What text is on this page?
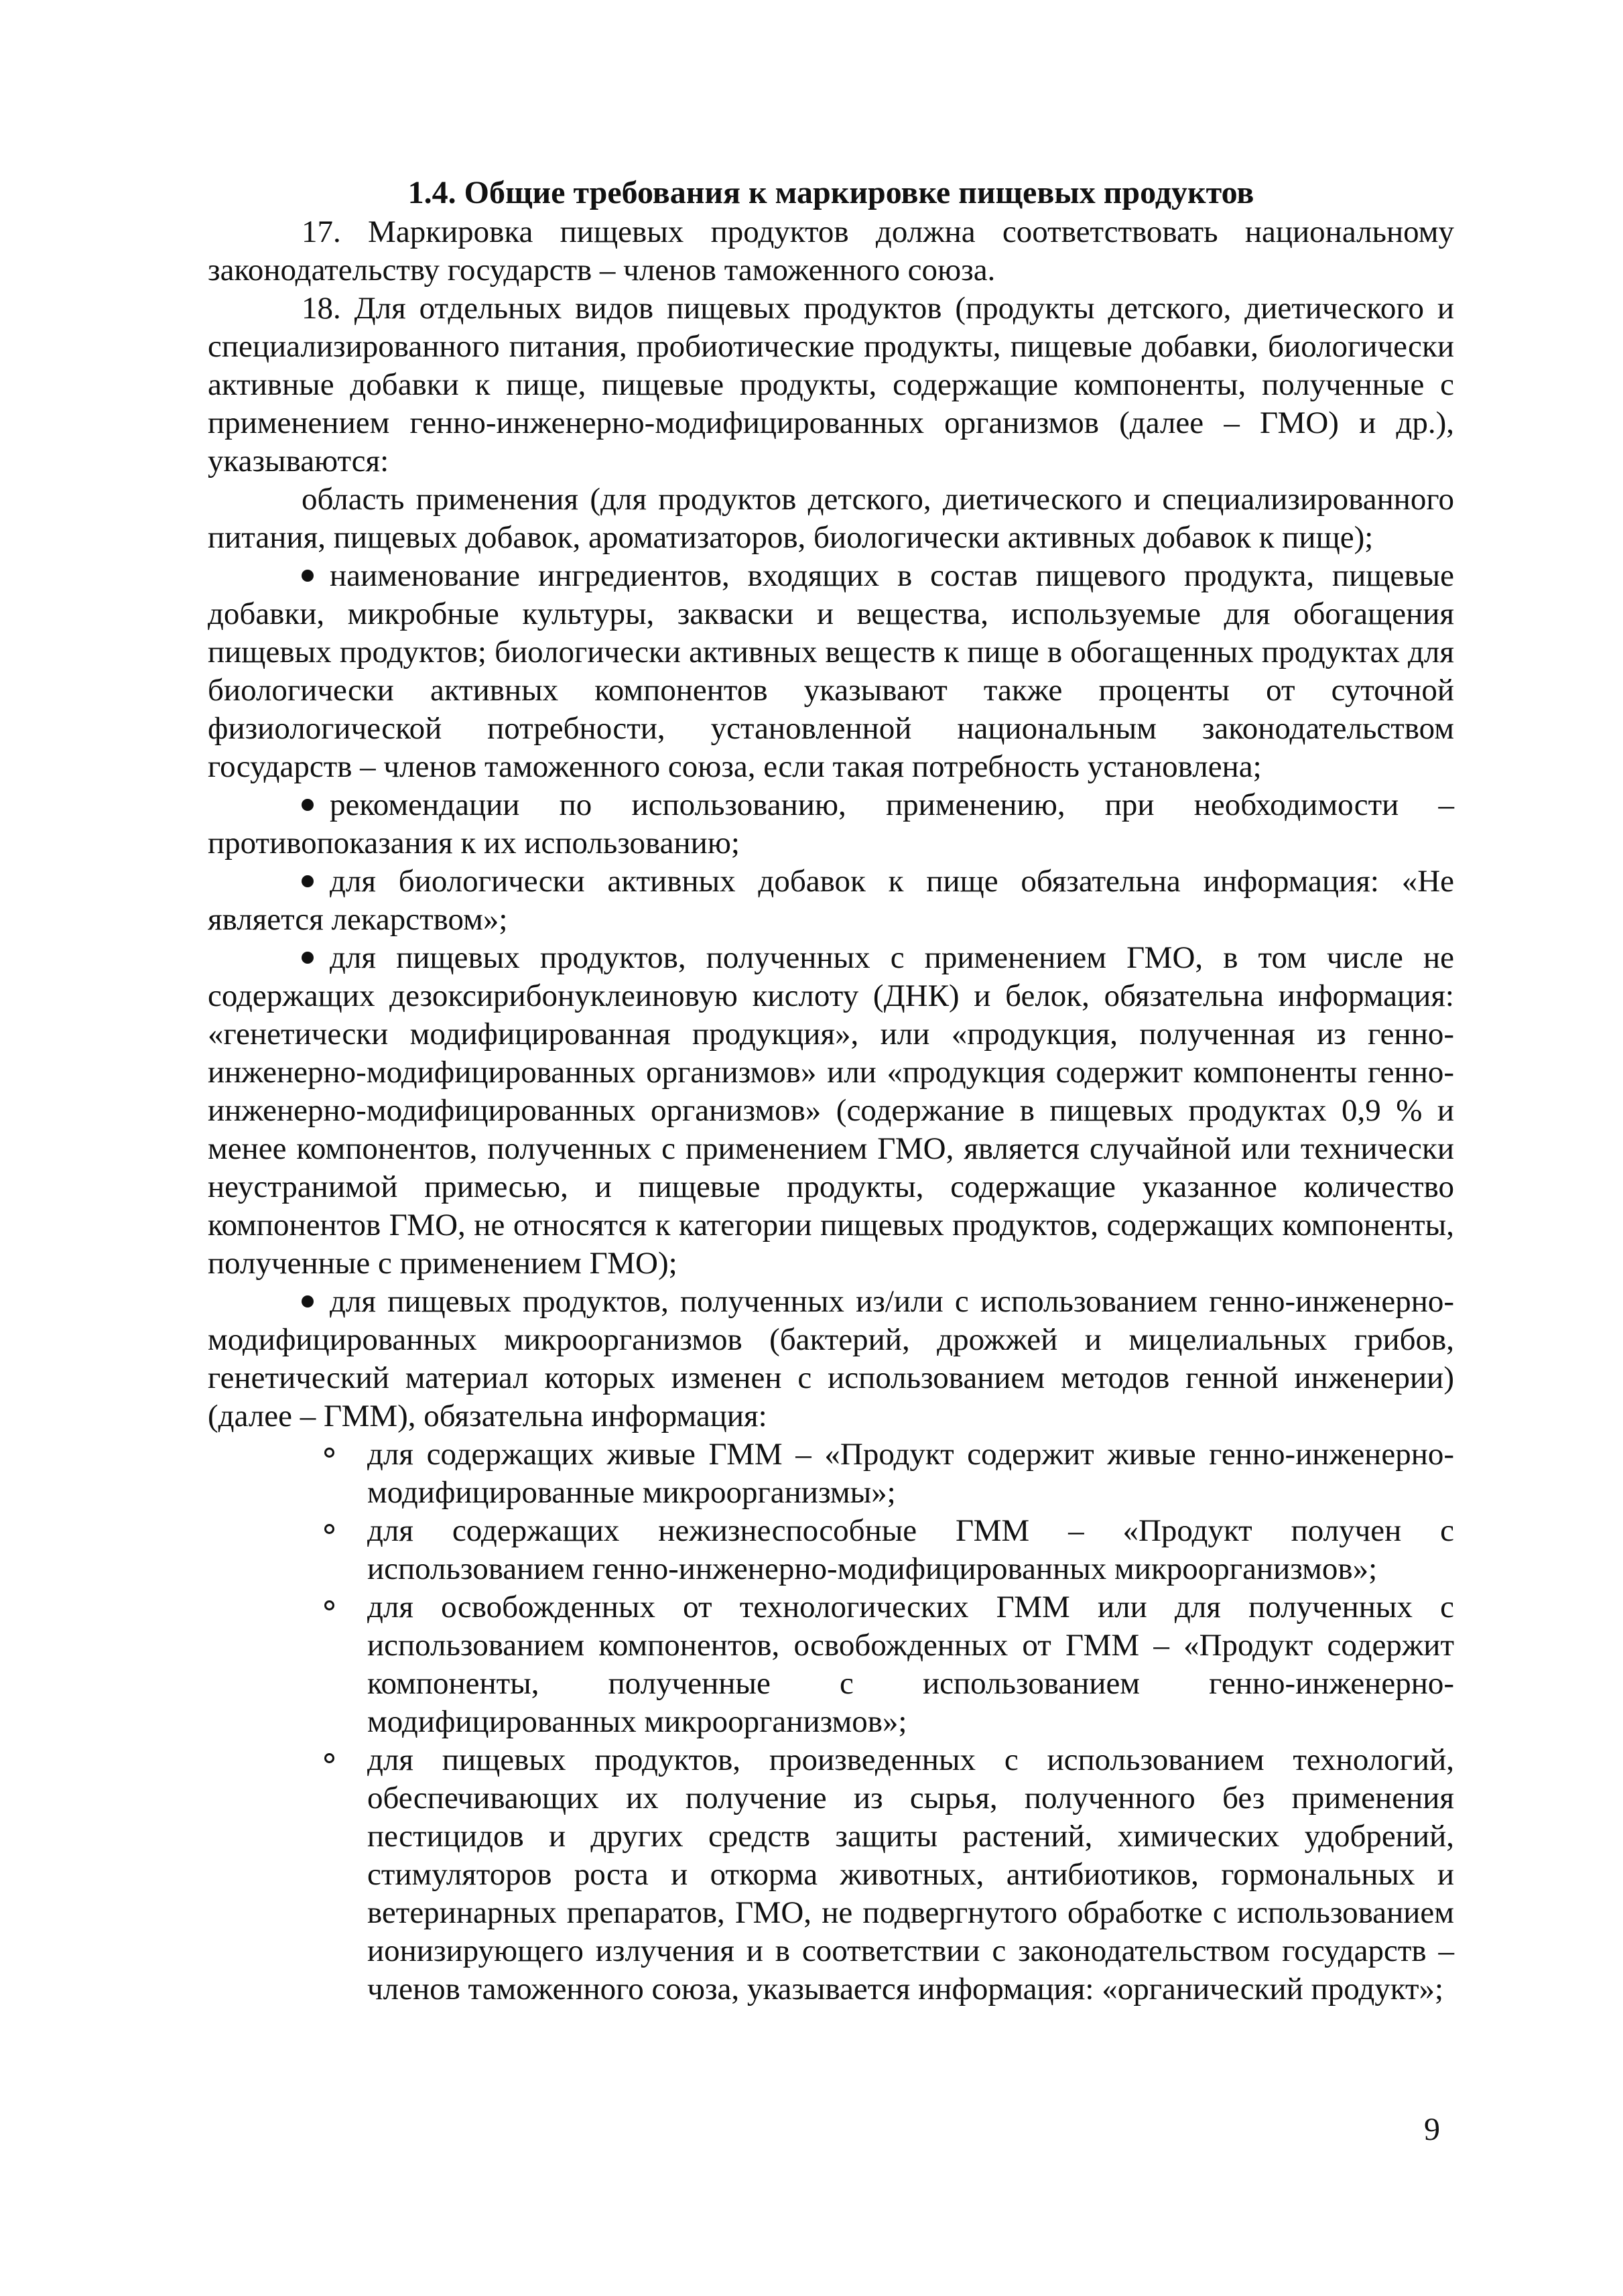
1.4. Общие требования к маркировке пищевых продуктов

17. Маркировка пищевых продуктов должна соответствовать национальному законодательству государств – членов таможенного союза.

18. Для отдельных видов пищевых продуктов (продукты детского, диетического и специализированного питания, пробиотические продукты, пищевые добавки, биологически активные добавки к пище, пищевые продукты, содержащие компоненты, полученные с применением генно-инженерно-модифицированных организмов (далее – ГМО) и др.), указываются:

область применения (для продуктов детского, диетического и специализированного питания, пищевых добавок, ароматизаторов, биологически активных добавок к пище);

наименование ингредиентов, входящих в состав пищевого продукта, пищевые добавки, микробные культуры, закваски и вещества, используемые для обогащения пищевых продуктов; биологически активных веществ к пище в обогащенных продуктах для биологически активных компонентов указывают также проценты от суточной физиологической потребности, установленной национальным законодательством государств – членов таможенного союза, если такая потребность установлена;

рекомендации по использованию, применению, при необходимости – противопоказания к их использованию;

для биологически активных добавок к пище обязательна информация: «Не является лекарством»;

для пищевых продуктов, полученных с применением ГМО, в том числе не содержащих дезоксирибонуклеиновую кислоту (ДНК) и белок, обязательна информация: «генетически модифицированная продукция», или «продукция, полученная из генно-инженерно-модифицированных организмов» или «продукция содержит компоненты генно-инженерно-модифицированных организмов» (содержание в пищевых продуктах 0,9 % и менее компонентов, полученных с применением ГМО, является случайной или технически неустранимой примесью, и пищевые продукты, содержащие указанное количество компонентов ГМО, не относятся к категории пищевых продуктов, содержащих компоненты, полученные с применением ГМО);

для пищевых продуктов, полученных из/или с использованием генно-инженерно-модифицированных микроорганизмов (бактерий, дрожжей и мицелиальных грибов, генетический материал которых изменен с использованием методов генной инженерии) (далее – ГММ), обязательна информация:

для содержащих живые ГММ – «Продукт содержит живые генно-инженерно-модифицированные микроорганизмы»;

для содержащих нежизнеспособные ГММ – «Продукт получен с использованием генно-инженерно-модифицированных микроорганизмов»;

для освобожденных от технологических ГММ или для полученных с использованием компонентов, освобожденных от ГММ – «Продукт содержит компоненты, полученные с использованием генно-инженерно-модифицированных микроорганизмов»;

для пищевых продуктов, произведенных с использованием технологий, обеспечивающих их получение из сырья, полученного без применения пестицидов и других средств защиты растений, химических удобрений, стимуляторов роста и откорма животных, антибиотиков, гормональных и ветеринарных препаратов, ГМО, не подвергнутого обработке с использованием ионизирующего излучения и в соответствии с законодательством государств – членов таможенного союза, указывается информация: «органический продукт»;

9
